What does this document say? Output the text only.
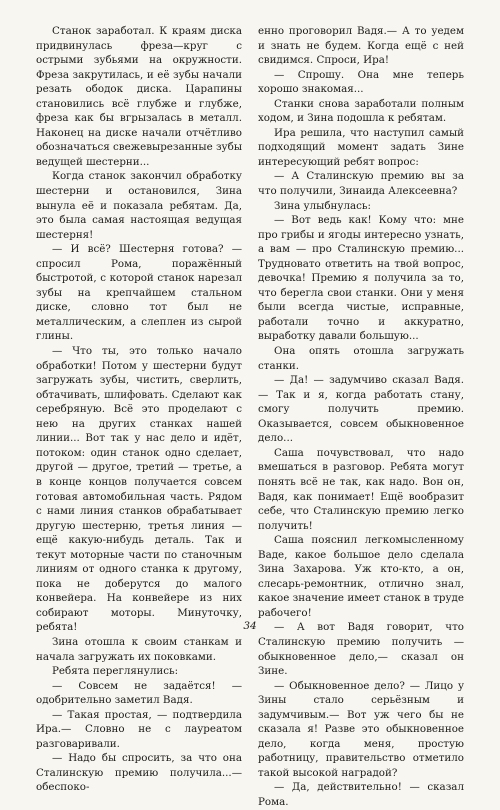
Станок заработал. К краям диска придвинулась фреза—круг с острыми зубьями на окружности. Фреза закрутилась, и её зубы начали резать ободок диска. Царапины становились всё глубже и глубже, фреза как бы вгрызалась в металл. Наконец на диске начали отчётливо обозначаться свежевырезанные зубы ведущей шестерни...

Когда станок закончил обработку шестерни и остановился, Зина вынула её и показала ребятам. Да, это была самая настоящая ведущая шестерня!

— И всё? Шестерня готова? — спросил Рома, поражённый быстротой, с которой станок нарезал зубы на крепчайшем стальном диске, словно тот был не металлическим, а слеплен из сырой глины.

— Что ты, это только начало обработки! Потом у шестерни будут загружать зубы, чистить, сверлить, обтачивать, шлифовать. Сделают как серебряную. Всё это проделают с нею на других станках нашей линии... Вот так у нас дело и идёт, потоком: один станок одно сделает, другой — другое, третий — третье, а в конце концов получается совсем готовая автомобильная часть. Рядом с нами линия станков обрабатывает другую шестерню, третья линия — ещё какую-нибудь деталь. Так и текут моторные части по станочным линиям от одного станка к другому, пока не доберутся до малого конвейера. На конвейере из них собирают моторы. Минуточку, ребята!

Зина отошла к своим станкам и начала загружать их поковками.

Ребята переглянулись:

— Совсем не задаётся! — одобрительно заметил Вадя.

— Такая простая, — подтвердила Ира.— Словно не с лауреатом разговаривали.

— Надо бы спросить, за что она Сталинскую премию получила...— обеспоко-

енно проговорил Вадя.— А то уедем и знать не будем. Когда ещё с ней свидимся. Спроси, Ира!

— Спрошу. Она мне теперь хорошо знакомая...

Станки снова заработали полным ходом, и Зина подошла к ребятам.

Ира решила, что наступил самый подходящий момент задать Зине интересующий ребят вопрос:

— А Сталинскую премию вы за что получили, Зинаида Алексеевна?

Зина улыбнулась:

— Вот ведь как! Кому что: мне про грибы и ягоды интересно узнать, а вам — про Сталинскую премию... Трудновато ответить на твой вопрос, девочка! Премию я получила за то, что берегла свои станки. Они у меня были всегда чистые, исправные, работали точно и аккуратно, выработку давали большую...

Она опять отошла загружать станки.

— Да! — задумчиво сказал Вадя.— Так и я, когда работать стану, смогу получить премию. Оказывается, совсем обыкновенное дело...

Саша почувствовал, что надо вмешаться в разговор. Ребята могут понять всё не так, как надо. Вон он, Вадя, как понимает! Ещё вообразит себе, что Сталинскую премию легко получить!

Саша пояснил легкомысленному Ваде, какое большое дело сделала Зина Захарова. Уж кто-кто, а он, слесарь-ремонтник, отлично знал, какое значение имеет станок в труде рабочего!

— А вот Вадя говорит, что Сталинскую премию получить — обыкновенное дело,— сказал он Зине.

— Обыкновенное дело? — Лицо у Зины стало серьёзным и задумчивым.— Вот уж чего бы не сказала я! Разве это обыкновенное дело, когда меня, простую работницу, правительство отметило такой высокой наградой?

— Да, действительно! — сказал Рома.

34
